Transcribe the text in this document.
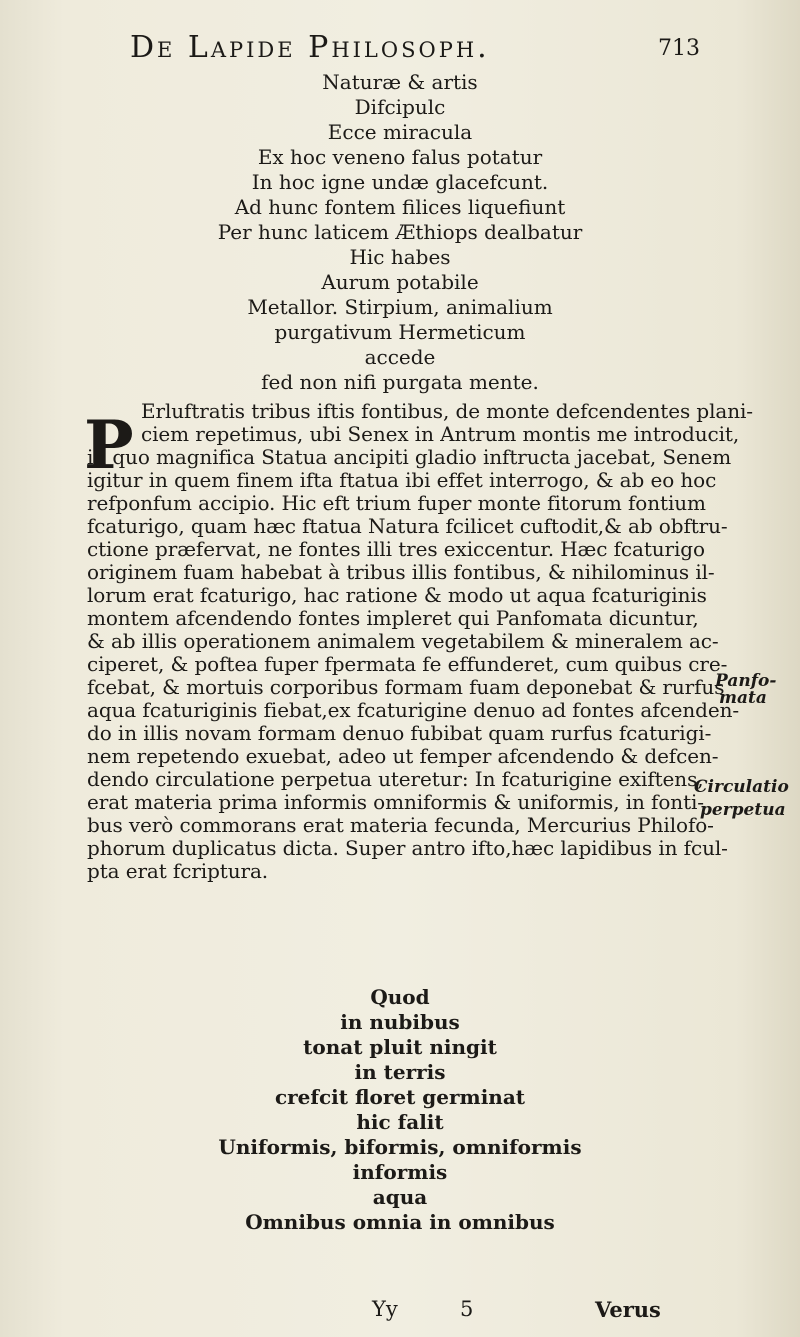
De Lapide Philosoph.	713
Naturæ & artis
Difcipulc
Ecce miracula
Ex hoc veneno falus potatur
In hoc igne undæ glacefcunt.
Ad hunc fontem filices liquefiunt
Per hunc laticem Æthiops dealbatur
Hic habes
Aurum potabile
Metallor. Stirpium, animalium
purgativum Hermeticum
accede
fed non nifi purgata mente.
P Erluftratis tribus iftis fontibus, de monte defcendentes plani-
ciem repetimus, ubi Senex in Antrum montis me introducit,
in quo magnifica Statua ancipiti gladio inftructa jacebat, Senem
igitur in quem finem ifta ftatua ibi effet interrogo, & ab eo hoc
refponfum accipio. Hic eft trium fuper monte fitorum fontium
fcaturigo, quam hæc ftatua Natura fcilicet cuftodit,& ab obftru-
ctione præfervat, ne fontes illi tres exiccentur. Hæc fcaturigo
originem fuam habebat à tribus illis fontibus, & nihilominus il-
lorum erat fcaturigo, hac ratione & modo ut aqua fcaturiginis
montem afcendendo fontes impleret qui Panfomata dicuntur,
& ab illis operationem animalem vegetabilem & mineralem ac-
ciperet, & poftea fuper fpermata fe effunderet, cum quibus cre-
fcebat, & mortuis corporibus formam fuam deponebat & rurfus
aqua fcaturiginis fiebat,ex fcaturigine denuo ad fontes afcenden-
do in illis novam formam denuo fubibat quam rurfus fcaturigi-
nem repetendo exuebat, adeo ut femper afcendendo & defcen-
dendo circulatione perpetua uteretur: In fcaturigine exiftens,
erat materia prima informis omniformis & uniformis, in fonti-
bus verò commorans erat materia fecunda, Mercurius Philofo-
phorum duplicatus dicta. Super antro ifto,hæc lapidibus in fcul-
pta erat fcriptura.
Panfo-
mata
Circulatio
perpetua
Quod
in nubibus
tonat pluit ningit
in terris
crefcit floret germinat
hic falit
Uniformis, biformis, omniformis
informis
aqua
Omnibus omnia in omnibus
Yy	5	Verus
